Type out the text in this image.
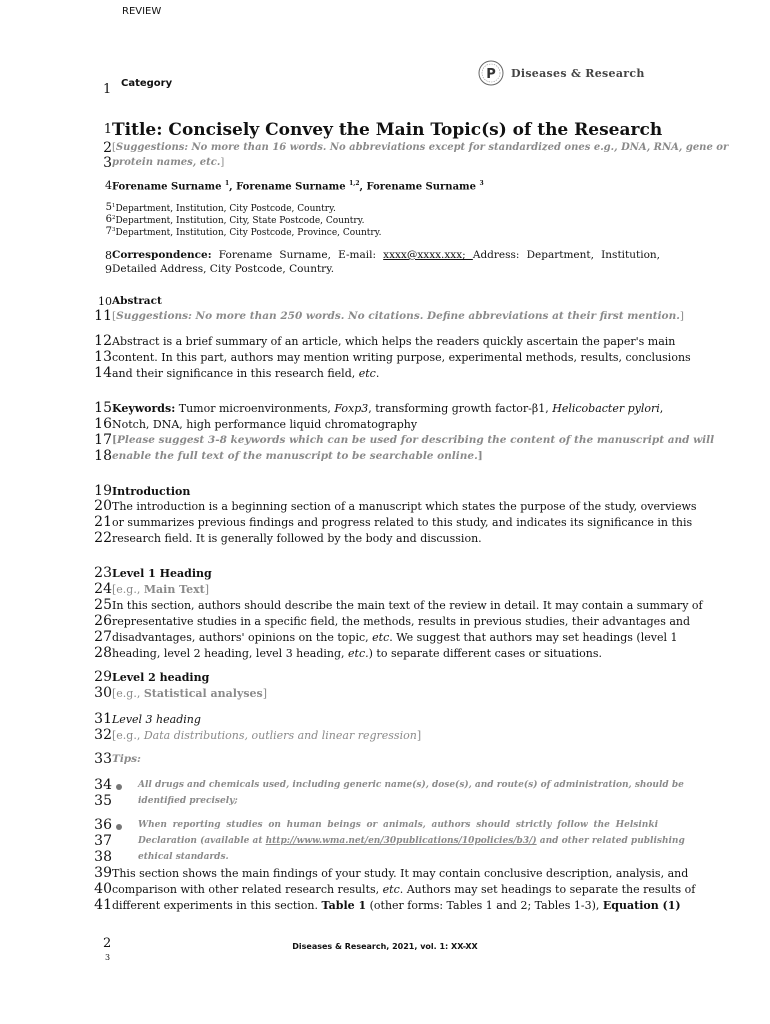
REVIEW
1 Category
P Diseases & Research
1 Title: Concisely Convey the Main Topic(s) of the Research
2 [Suggestions: No more than 16 words. No abbreviations except for standardized ones e.g., DNA, RNA, gene or
3 protein names, etc.]
4 Forename Surname $^1$, Forename Surname $^{1,2}$, Forename Surname $^3$
5 $^1$Department, Institution, City Postcode, Country.
6 $^2$Department, Institution, City, State Postcode, Country.
7 $^3$Department, Institution, City Postcode, Province, Country.
8 Correspondence: Forename Surname, E-mail: xxxx@xxxx.xxx; Address: Department, Institution,
9 Detailed Address, City Postcode, Country.
10 Abstract
11 [Suggestions: No more than 250 words. No citations. Define abbreviations at their first mention.]
12 Abstract is a brief summary of an article, which helps the readers quickly ascertain the paper's main
13 content. In this part, authors may mention writing purpose, experimental methods, results, conclusions
14 and their significance in this research field, etc.
15 Keywords: Tumor microenvironments, Foxp3, transforming growth factor-β1, Helicobacter pylori,
16 Notch, DNA, high performance liquid chromatography
17 [Please suggest 3-8 keywords which can be used for describing the content of the manuscript and will
18 enable the full text of the manuscript to be searchable online.]
19 Introduction
20 The introduction is a beginning section of a manuscript which states the purpose of the study, overviews
21 or summarizes previous findings and progress related to this study, and indicates its significance in this
22 research field. It is generally followed by the body and discussion.
23 Level 1 Heading
24 [e.g., Main Text]
25 In this section, authors should describe the main text of the review in detail. It may contain a summary of
26 representative studies in a specific field, the methods, results in previous studies, their advantages and
27 disadvantages, authors' opinions on the topic, etc. We suggest that authors may set headings (level 1
28 heading, level 2 heading, level 3 heading, etc.) to separate different cases or situations.
29 Level 2 heading
30 [e.g., Statistical analyses]
31 Level 3 heading
32 [e.g., Data distributions, outliers and linear regression]
33 Tips:
34	All drugs and chemicals used, including generic name(s), dose(s), and route(s) of administration, should be
35	identified precisely;
36	When reporting studies on human beings or animals, authors should strictly follow the Helsinki
37	Declaration (available at http://www.wma.net/en/30publications/10policies/b3/) and other related publishing
38	ethical standards.
39 This section shows the main findings of your study. It may contain conclusive description, analysis, and
40 comparison with other related research results, etc. Authors may set headings to separate the results of
41 different experiments in this section. Table 1 (other forms: Tables 1 and 2; Tables 1-3), Equation (1)
2
3
Diseases & Research, 2021, vol. 1: XX-XX
